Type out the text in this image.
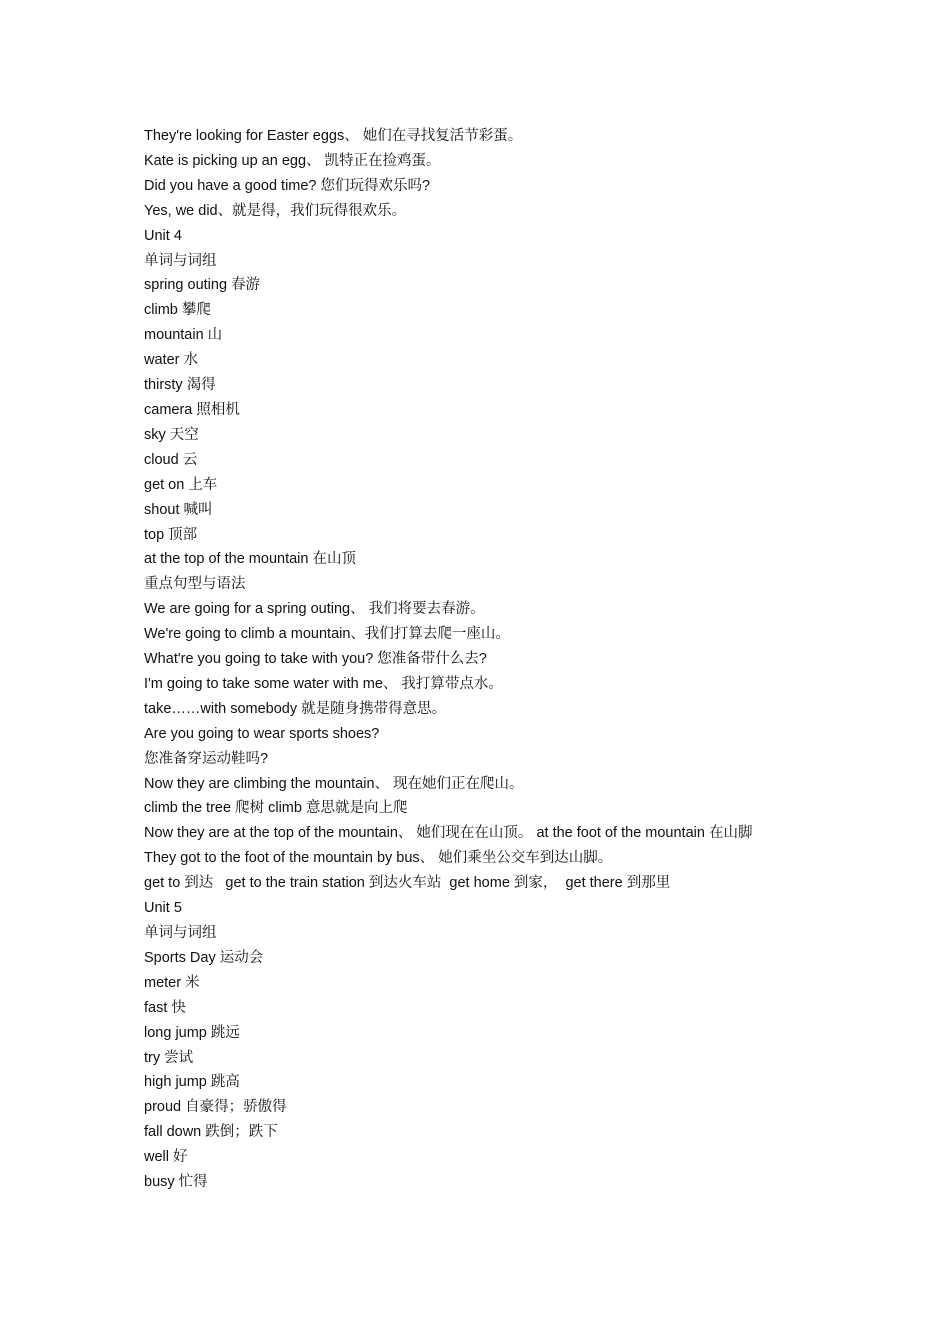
They're looking for Easter eggs、 她们在寻找复活节彩蛋。
Kate is picking up an egg、 凯特正在捡鸡蛋。
Did you have a good time? 您们玩得欢乐吗?
Yes, we did、就是得，我们玩得很欢乐。
Unit 4
单词与词组
spring outing 春游
climb 攀爬
mountain 山
water 水
thirsty 渴得
camera 照相机
sky 天空
cloud 云
get on 上车
shout 喊叫
top 顶部
at the top of the mountain 在山顶
重点句型与语法
We are going for a spring outing、 我们将要去春游。
We're going to climb a mountain、我们打算去爬一座山。
What're you going to take with you? 您准备带什么去?
I'm going to take some water with me、 我打算带点水。
take……with somebody 就是随身携带得意思。
Are you going to wear sports shoes?
您准备穿运动鞋吗?
Now they are climbing the mountain、 现在她们正在爬山。
climb the tree 爬树 climb 意思就是向上爬
Now they are at the top of the mountain、 她们现在在山顶。 at the foot of the mountain 在山脚
They got to the foot of the mountain by bus、 她们乘坐公交车到达山脚。
get to 到达   get to the train station 到达火车站  get home 到家，  get there 到那里
Unit 5
单词与词组
Sports Day 运动会
meter 米
fast 快
long jump 跳远
try 尝试
high jump 跳高
proud 自豪得；骄傲得
fall down 跌倒；跌下
well 好
busy 忙得
